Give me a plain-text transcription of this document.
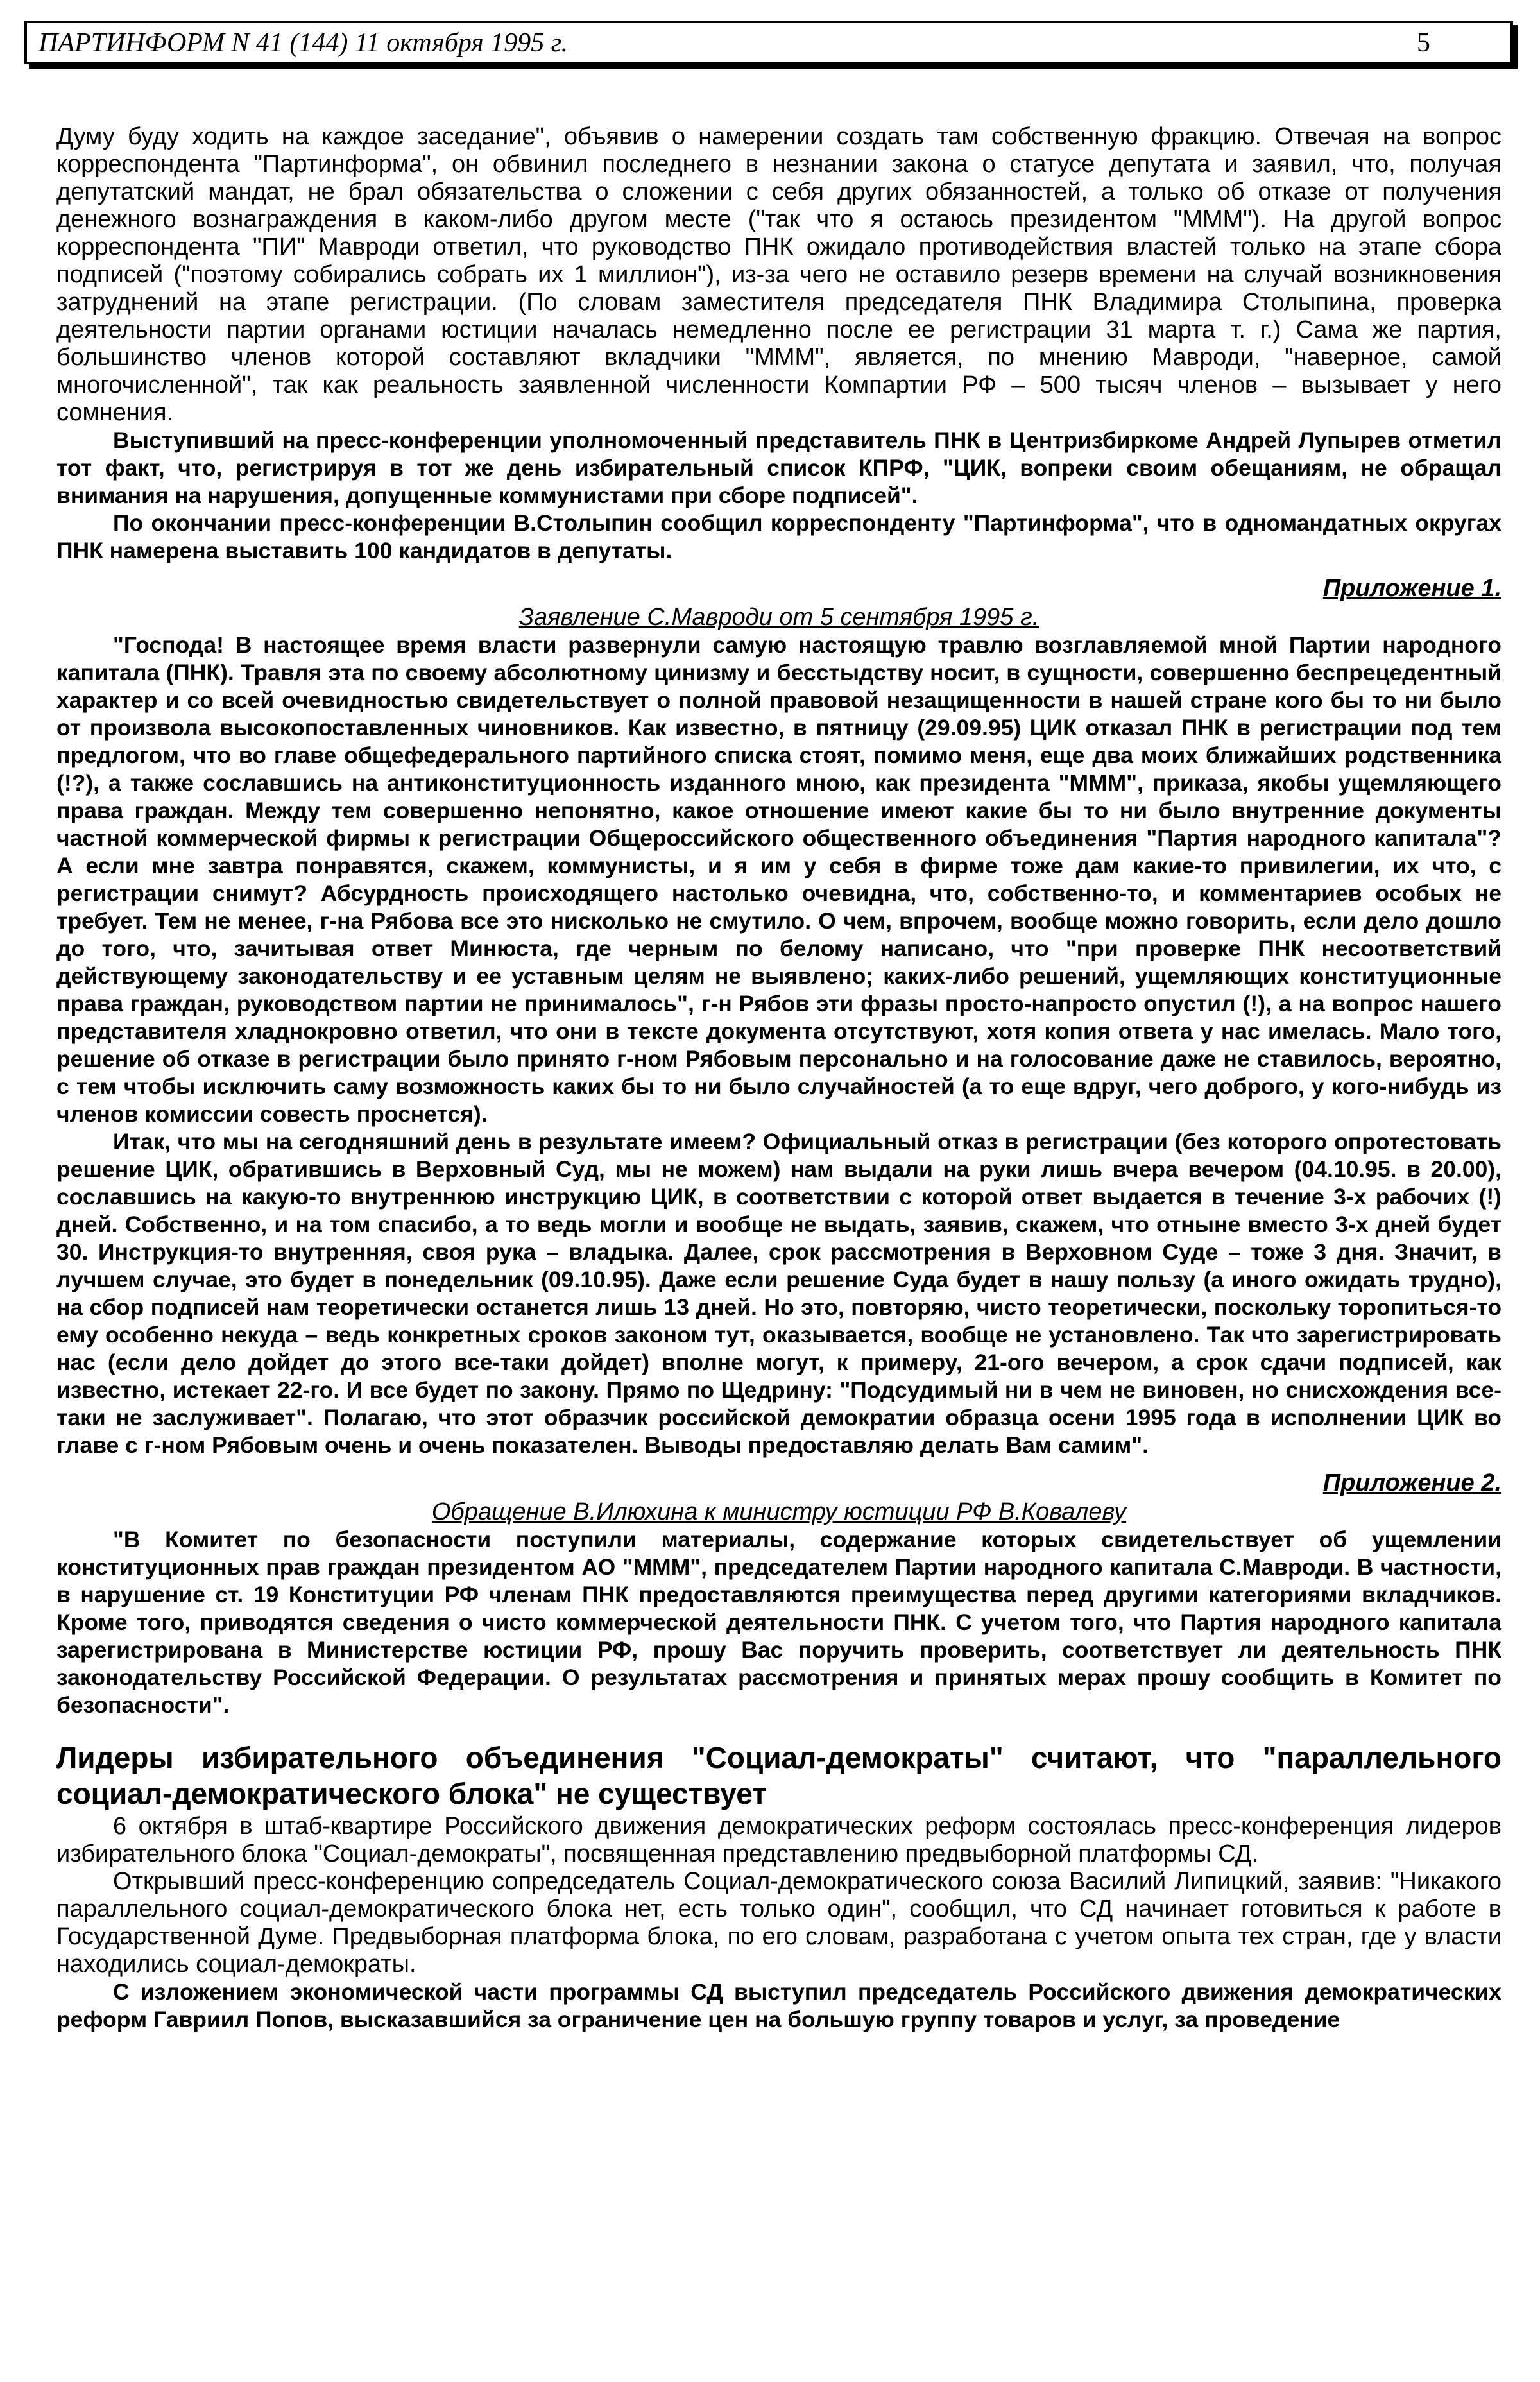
ПАРТИНФОРМ N 41 (144) 11 октября 1995 г.	5

Думу буду ходить на каждое заседание", объявив о намерении создать там собственную фракцию. Отвечая на вопрос корреспондента "Партинформа", он обвинил последнего в незнании закона о статусе депутата и заявил, что, получая депутатский мандат, не брал обязательства о сложении с себя других обязанностей, а только об отказе от получения денежного вознаграждения в каком-либо другом месте ("так что я остаюсь президентом "МММ"). На другой вопрос корреспондента "ПИ" Мавроди ответил, что руководство ПНК ожидало противодействия властей только на этапе сбора подписей ("поэтому собирались собрать их 1 миллион"), из-за чего не оставило резерв времени на случай возникновения затруднений на этапе регистрации. (По словам заместителя председателя ПНК Владимира Столыпина, проверка деятельности партии органами юстиции началась немедленно после ее регистрации 31 марта т. г.) Сама же партия, большинство членов которой составляют вкладчики "МММ", является, по мнению Мавроди, "наверное, самой многочисленной", так как реальность заявленной численности Компартии РФ – 500 тысяч членов – вызывает у него сомнения.

Выступивший на пресс-конференции уполномоченный представитель ПНК в Центризбиркоме Андрей Лупырев отметил тот факт, что, регистрируя в тот же день избирательный список КПРФ, "ЦИК, вопреки своим обещаниям, не обращал внимания на нарушения, допущенные коммунистами при сборе подписей".

По окончании пресс-конференции В.Столыпин сообщил корреспонденту "Партинформа", что в одномандатных округах ПНК намерена выставить 100 кандидатов в депутаты.

Приложение 1.

Заявление С.Мавроди от 5 сентября 1995 г.

"Господа! В настоящее время власти развернули самую настоящую травлю возглавляемой мной Партии народного капитала (ПНК). Травля эта по своему абсолютному цинизму и бесстыдству носит, в сущности, совершенно беспрецедентный характер и со всей очевидностью свидетельствует о полной правовой незащищенности в нашей стране кого бы то ни было от произвола высокопоставленных чиновников. Как известно, в пятницу (29.09.95) ЦИК отказал ПНК в регистрации под тем предлогом, что во главе общефедерального партийного списка стоят, помимо меня, еще два моих ближайших родственника (!?), а также сославшись на антиконституционность изданного мною, как президента "МММ", приказа, якобы ущемляющего права граждан. Между тем совершенно непонятно, какое отношение имеют какие бы то ни было внутренние документы частной коммерческой фирмы к регистрации Общероссийского общественного объединения "Партия народного капитала"? А если мне завтра понравятся, скажем, коммунисты, и я им у себя в фирме тоже дам какие-то привилегии, их что, с регистрации снимут? Абсурдность происходящего настолько очевидна, что, собственно-то, и комментариев особых не требует. Тем не менее, г-на Рябова все это нисколько не смутило. О чем, впрочем, вообще можно говорить, если дело дошло до того, что, зачитывая ответ Минюста, где черным по белому написано, что "при проверке ПНК несоответствий действующему законодательству и ее уставным целям не выявлено; каких-либо решений, ущемляющих конституционные права граждан, руководством партии не принималось", г-н Рябов эти фразы просто-напросто опустил (!), а на вопрос нашего представителя хладнокровно ответил, что они в тексте документа отсутствуют, хотя копия ответа у нас имелась. Мало того, решение об отказе в регистрации было принято г-ном Рябовым персонально и на голосование даже не ставилось, вероятно, с тем чтобы исключить саму возможность каких бы то ни было случайностей (а то еще вдруг, чего доброго, у кого-нибудь из членов комиссии совесть проснется).

Итак, что мы на сегодняшний день в результате имеем? Официальный отказ в регистрации (без которого опротестовать решение ЦИК, обратившись в Верховный Суд, мы не можем) нам выдали на руки лишь вчера вечером (04.10.95. в 20.00), сославшись на какую-то внутреннюю инструкцию ЦИК, в соответствии с которой ответ выдается в течение 3-х рабочих (!) дней. Собственно, и на том спасибо, а то ведь могли и вообще не выдать, заявив, скажем, что отныне вместо 3-х дней будет 30. Инструкция-то внутренняя, своя рука – владыка. Далее, срок рассмотрения в Верховном Суде – тоже 3 дня. Значит, в лучшем случае, это будет в понедельник (09.10.95). Даже если решение Суда будет в нашу пользу (а иного ожидать трудно), на сбор подписей нам теоретически останется лишь 13 дней. Но это, повторяю, чисто теоретически, поскольку торопиться-то ему особенно некуда – ведь конкретных сроков законом тут, оказывается, вообще не установлено. Так что зарегистрировать нас (если дело дойдет до этого все-таки дойдет) вполне могут, к примеру, 21-ого вечером, а срок сдачи подписей, как известно, истекает 22-го. И все будет по закону. Прямо по Щедрину: "Подсудимый ни в чем не виновен, но снисхождения все-таки не заслуживает". Полагаю, что этот образчик российской демократии образца осени 1995 года в исполнении ЦИК во главе с г-ном Рябовым очень и очень показателен. Выводы предоставляю делать Вам самим".

Приложение 2.

Обращение В.Илюхина к министру юстиции РФ В.Ковалеву

"В Комитет по безопасности поступили материалы, содержание которых свидетельствует об ущемлении конституционных прав граждан президентом АО "МММ", председателем Партии народного капитала С.Мавроди. В частности, в нарушение ст. 19 Конституции РФ членам ПНК предоставляются преимущества перед другими категориями вкладчиков. Кроме того, приводятся сведения о чисто коммерческой деятельности ПНК. С учетом того, что Партия народного капитала зарегистрирована в Министерстве юстиции РФ, прошу Вас поручить проверить, соответствует ли деятельность ПНК законодательству Российской Федерации. О результатах рассмотрения и принятых мерах прошу сообщить в Комитет по безопасности".

Лидеры избирательного объединения "Социал-демократы" считают, что "параллельного социал-демократического блока" не существует

6 октября в штаб-квартире Российского движения демократических реформ состоялась пресс-конференция лидеров избирательного блока "Социал-демократы", посвященная представлению предвыборной платформы СД.

Открывший пресс-конференцию сопредседатель Социал-демократического союза Василий Липицкий, заявив: "Никакого параллельного социал-демократического блока нет, есть только один", сообщил, что СД начинает готовиться к работе в Государственной Думе. Предвыборная платформа блока, по его словам, разработана с учетом опыта тех стран, где у власти находились социал-демократы.

С изложением экономической части программы СД выступил председатель Российского движения демократических реформ Гавриил Попов, высказавшийся за ограничение цен на большую группу товаров и услуг, за проведение
